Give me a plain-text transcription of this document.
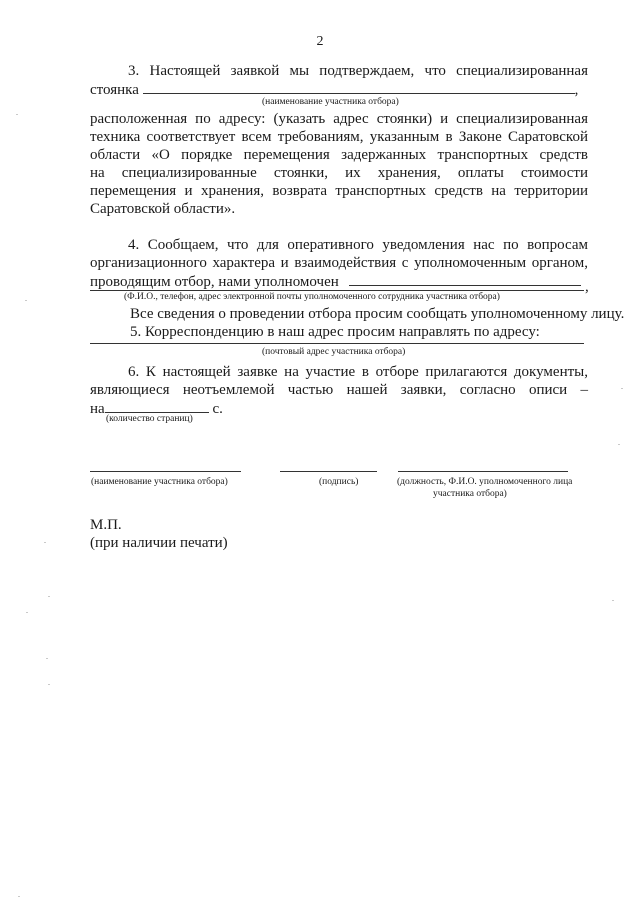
2
3. Настоящей заявкой мы подтверждаем, что специализированная
стоянка	,
(наименование участника отбора)
расположенная по адресу: (указать адрес стоянки) и специализированная
техника соответствует всем требованиям, указанным в Законе Саратовской
области «О порядке перемещения задержанных транспортных средств
на специализированные стоянки, их хранения, оплаты стоимости
перемещения и хранения, возврата транспортных средств на территории
Саратовской области».
4. Сообщаем, что для оперативного уведомления нас по вопросам
организационного характера и взаимодействия с уполномоченным органом,
проводящим отбор, нами уполномочен	,
(Ф.И.О., телефон, адрес электронной почты уполномоченного сотрудника участника отбора)
Все сведения о проведении отбора просим сообщать уполномоченному лицу.
5. Корреспонденцию в наш адрес просим направлять по адресу:
(почтовый адрес участника отбора)
6. К настоящей заявке на участие в отборе прилагаются документы,
являющиеся неотъемлемой частью нашей заявки, согласно описи –
на	с.
(количество страниц)
(наименование участника отбора)	(подпись)	(должность, Ф.И.О. уполномоченного лица
участника отбора)
М.П.
(при наличии печати)
